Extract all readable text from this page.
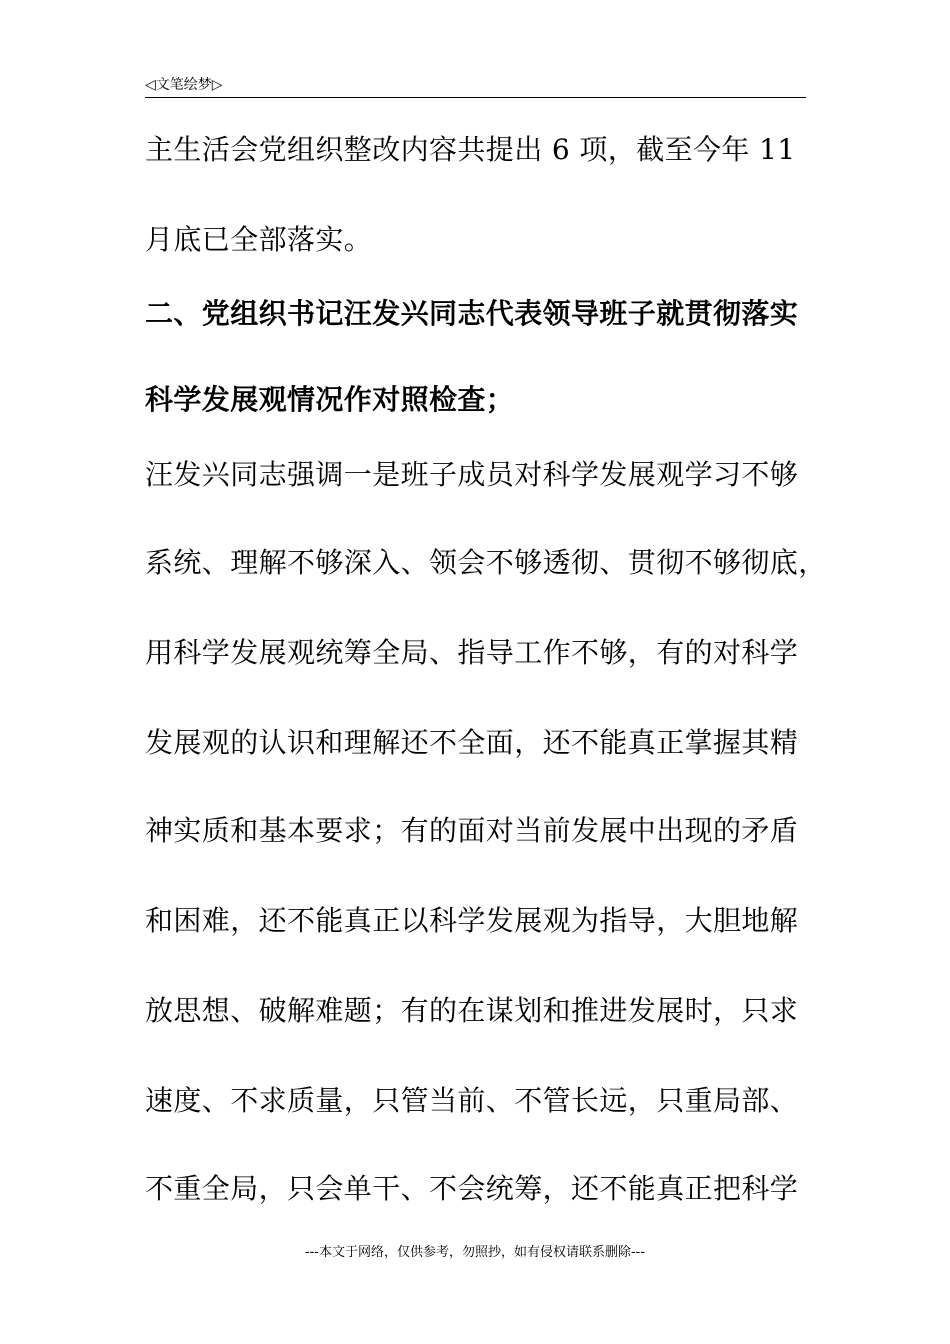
◁文笔绘梦▷
主生活会党组织整改内容共提出 6 项，截至今年 11
月底已全部落实。
二、党组织书记汪发兴同志代表领导班子就贯彻落实
科学发展观情况作对照检查；
汪发兴同志强调一是班子成员对科学发展观学习不够
系统、理解不够深入、领会不够透彻、贯彻不够彻底，
用科学发展观统筹全局、指导工作不够，有的对科学
发展观的认识和理解还不全面，还不能真正掌握其精
神实质和基本要求；有的面对当前发展中出现的矛盾
和困难，还不能真正以科学发展观为指导，大胆地解
放思想、破解难题；有的在谋划和推进发展时，只求
速度、不求质量，只管当前、不管长远，只重局部、
不重全局，只会单干、不会统筹，还不能真正把科学
---本文于网络，仅供参考，勿照抄，如有侵权请联系删除---
